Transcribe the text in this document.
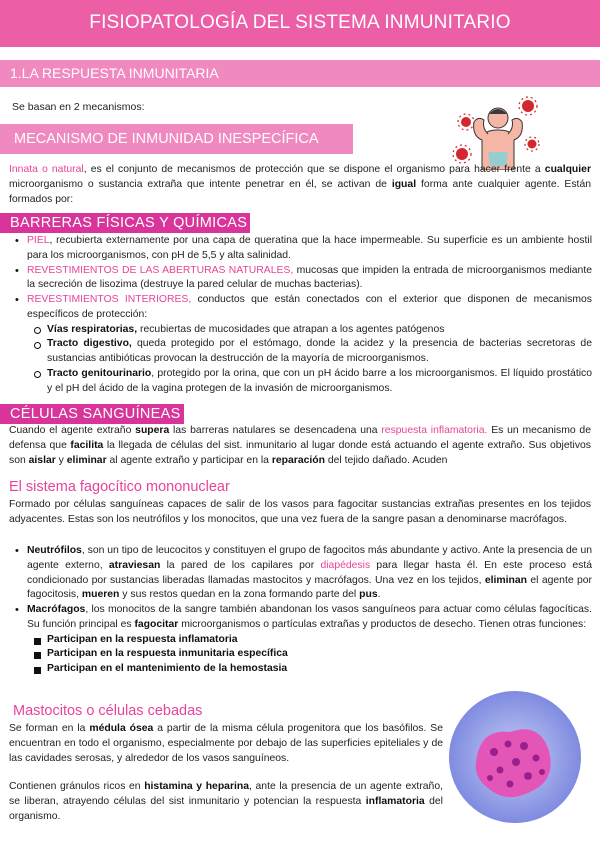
FISIOPATOLOGÍA DEL SISTEMA INMUNITARIO
1.LA RESPUESTA INMUNITARIA
Se basan en 2 mecanismos:
MECANISMO DE INMUNIDAD INESPECÍFICA
Innata o natural, es el conjunto de mecanismos de protección que se dispone el organismo para hacer frente a cualquier microorganismo o sustancia extraña que intente penetrar en él, se activan de igual forma ante cualquier agente. Están formados por:
BARRERAS FÍSICAS Y QUÍMICAS
• PIEL, recubierta externamente por una capa de queratina que la hace impermeable. Su superficie es un ambiente hostil para los microorganismos, con pH de 5,5 y alta salinidad.
• REVESTIMIENTOS DE LAS ABERTURAS NATURALES, mucosas que impiden la entrada de microorganismos mediante la secreción de lisozima (destruye la pared celular de muchas bacterias).
• REVESTIMIENTOS INTERIORES, conductos que están conectados con el exterior que disponen de mecanismos específicos de protección:
Vías respiratorias, recubiertas de mucosidades que atrapan a los agentes patógenos
Tracto digestivo, queda protegido por el estómago, donde la acidez y la presencia de bacterias secretoras de sustancias antibióticas provocan la destrucción de la mayoría de microorganismos.
Tracto genitourinario, protegido por la orina, que con un pH ácido barre a los microorganismos. El líquido prostático y el pH del ácido de la vagina protegen de la invasión de microorganismos.
CÉLULAS SANGUÍNEAS
Cuando el agente extraño supera las barreras natulares se desencadena una respuesta inflamatoria. Es un mecanismo de defensa que facilita la llegada de células del sist. inmunitario al lugar donde está actuando el agente extraño. Sus objetivos son aislar y eliminar al agente extraño y participar en la reparación del tejido dañado. Acuden
El sistema fagocítico mononuclear
Formado por células sanguíneas capaces de salir de los vasos para fagocitar sustancias extrañas presentes en los tejidos adyacentes. Estas son los neutrófilos y los monocitos, que una vez fuera de la sangre pasan a denominarse macrófagos.
• Neutrófilos, son un tipo de leucocitos y constituyen el grupo de fagocitos más abundante y activo. Ante la presencia de un agente externo, atraviesan la pared de los capilares por diapédesis para llegar hasta él. En este proceso está condicionado por sustancias liberadas llamadas mastocitos y macrófagos. Una vez en los tejidos, eliminan el agente por fagocitosis, mueren y sus restos quedan en la zona formando parte del pus.
• Macrófagos, los monocitos de la sangre también abandonan los vasos sanguíneos para actuar como células fagocíticas. Su función principal es fagocitar microorganismos o partículas extrañas y productos de desecho. Tienen otras funciones:
Participan en la respuesta inflamatoria
Participan en la respuesta inmunitaria específica
Participan en el mantenimiento de la hemostasia
Mastocitos o células cebadas
Se forman en la médula ósea a partir de la misma célula progenitora que los basófilos. Se encuentran en todo el organismo, especialmente por debajo de las superficies epiteliales y de las cavidades serosas, y alrededor de los vasos sanguíneos.
Contienen gránulos ricos en histamina y heparina, ante la presencia de un agente extraño, se liberan, atrayendo células del sist inmunitario y potencian la respuesta inflamatoria del organismo.
